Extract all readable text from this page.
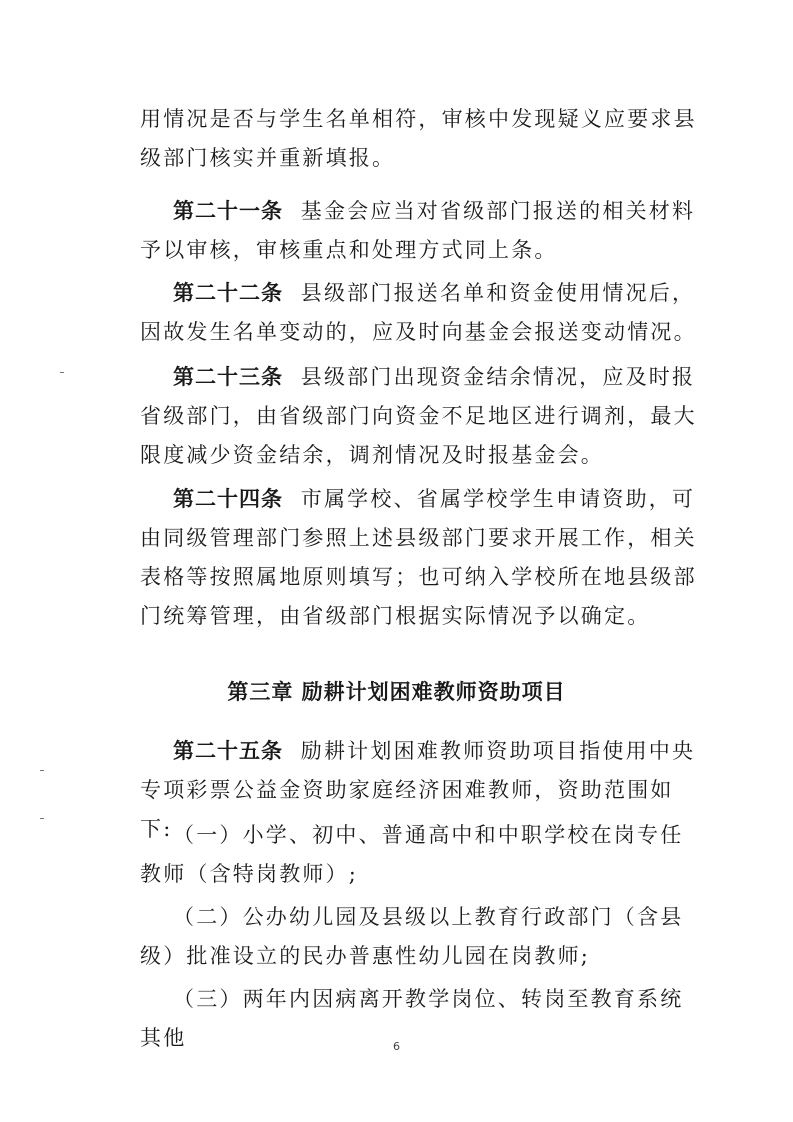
用情况是否与学生名单相符，审核中发现疑义应要求县级部门核实并重新填报。

第二十一条 基金会应当对省级部门报送的相关材料予以审核，审核重点和处理方式同上条。

第二十二条 县级部门报送名单和资金使用情况后，因故发生名单变动的，应及时向基金会报送变动情况。

第二十三条 县级部门出现资金结余情况，应及时报省级部门，由省级部门向资金不足地区进行调剂，最大限度减少资金结余，调剂情况及时报基金会。

第二十四条 市属学校、省属学校学生申请资助，可由同级管理部门参照上述县级部门要求开展工作，相关表格等按照属地原则填写；也可纳入学校所在地县级部门统筹管理，由省级部门根据实际情况予以确定。

第三章 励耕计划困难教师资助项目

第二十五条 励耕计划困难教师资助项目指使用中央专项彩票公益金资助家庭经济困难教师，资助范围如下: （一）小学、初中、普通高中和中职学校在岗专任教师（含特岗教师）;

（二）公办幼儿园及县级以上教育行政部门（含县级）批准设立的民办普惠性幼儿园在岗教师;

（三）两年内因病离开教学岗位、转岗至教育系统其他	6
